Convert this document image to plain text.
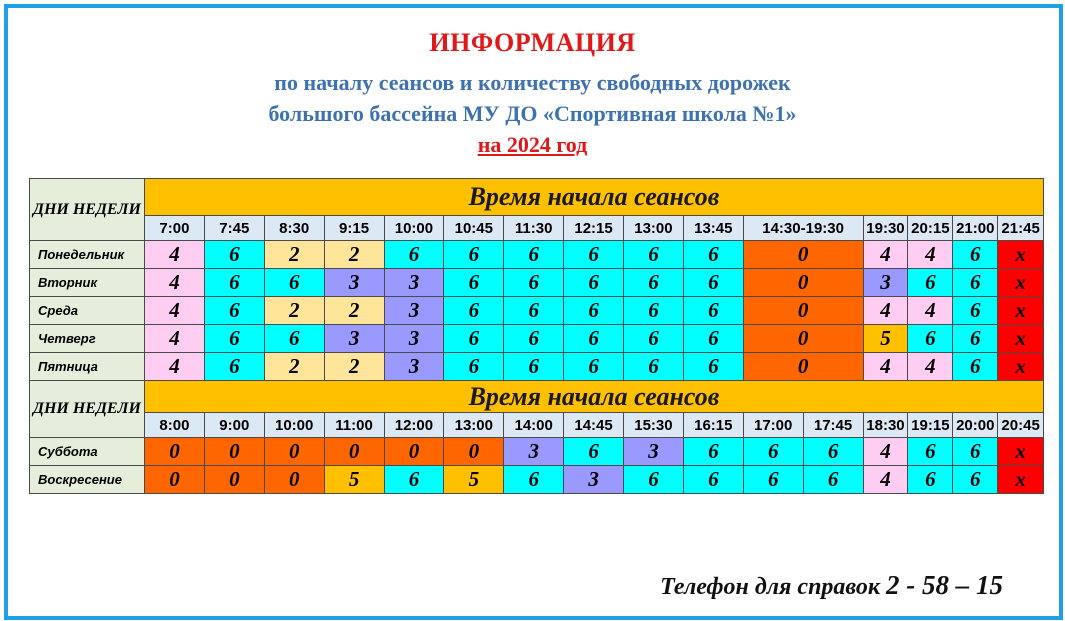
ИНФОРМАЦИЯ
по началу сеансов и количеству свободных дорожек
большого бассейна МУ ДО «Спортивная школа №1»
на 2024 год
ДНИ НЕДЕЛИ	Время начала сеансов															
	7:00	7:45	8:30	9:15	10:00	10:45	11:30	12:15	13:00	13:45	14:30-19:30		19:30	20:15	21:00	21:45
Понедельник	4	6	2	2	6	6	6	6	6	6	0		4	4	6	x
Вторник	4	6	6	3	3	6	6	6	6	6	0		3	6	6	x
Среда	4	6	2	2	3	6	6	6	6	6	0		4	4	6	x
Четверг	4	6	6	3	3	6	6	6	6	6	0		5	6	6	x
Пятница	4	6	2	2	3	6	6	6	6	6	0		4	4	6	x
ДНИ НЕДЕЛИ	Время начала сеансов															
	8:00	9:00	10:00	11:00	12:00	13:00	14:00	14:45	15:30	16:15	17:00	17:45	18:30	19:15	20:00	20:45
Суббота	0	0	0	0	0	0	3	6	3	6	6	6	4	6	6	x
Воскресение	0	0	0	5	6	5	6	3	6	6	6	6	4	6	6	x
Телефон для справок 2 - 58 – 15
